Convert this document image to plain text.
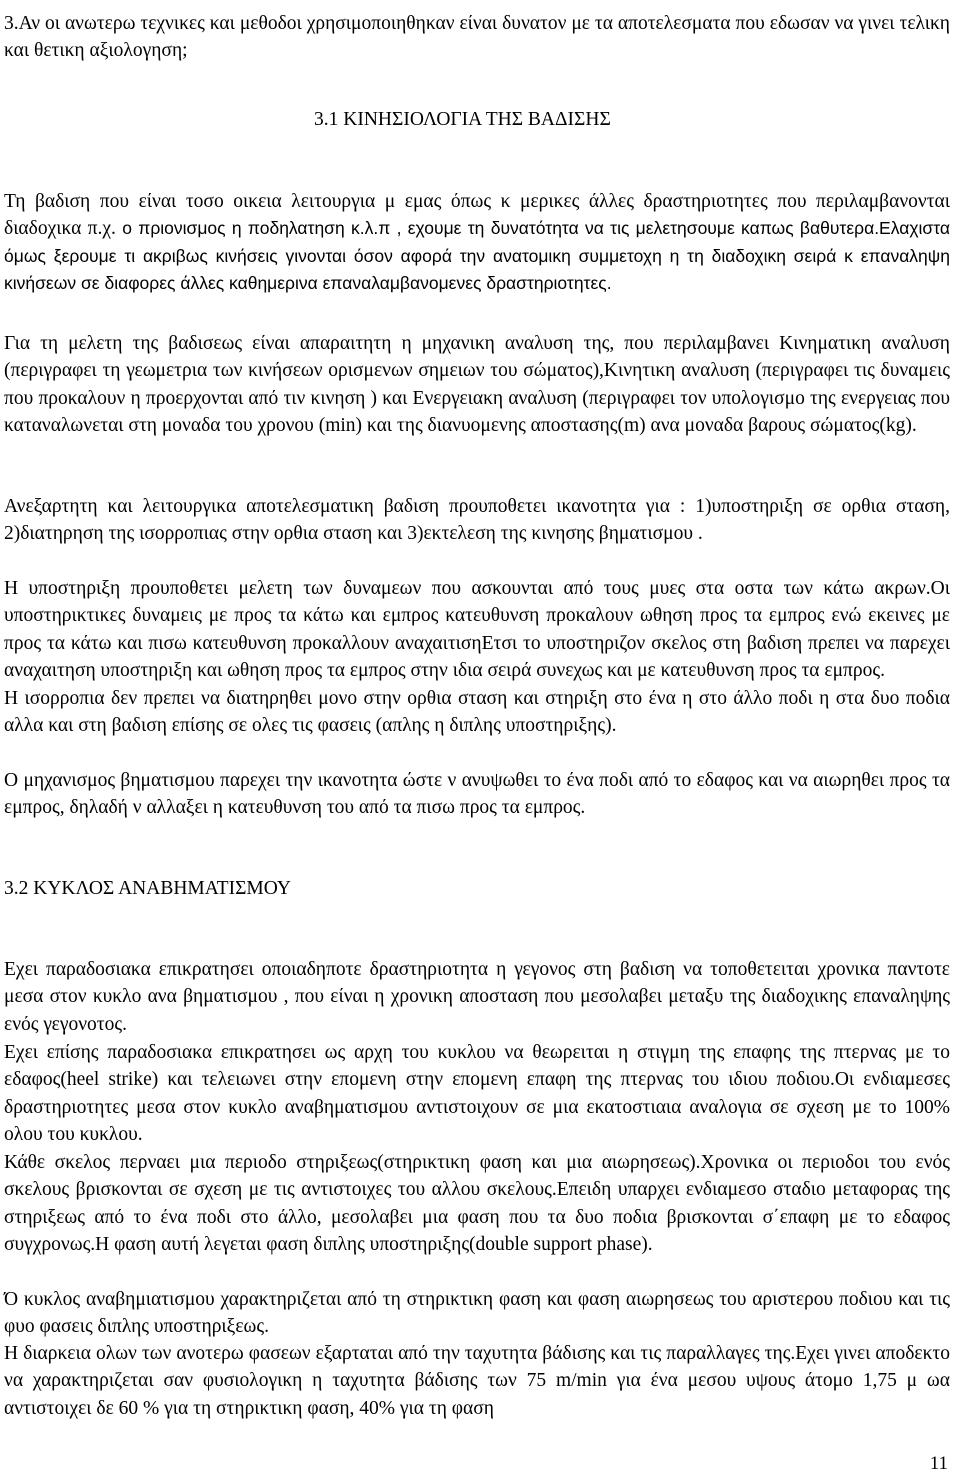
3.Αν οι ανωτερω τεχνικες και μεθοδοι χρησιμοποιηθηκαν είναι δυνατον με τα αποτελεσματα που εδωσαν να γινει τελικη και θετικη αξιολογηση;

3.1 ΚΙΝΗΣΙΟΛΟΓΙΑ ΤΗΣ ΒΑΔΙΣΗΣ

Τη βαδιση που είναι τοσο οικεια λειτουργια μ εμας όπως κ μερικες άλλες δραστηριοτητες που περιλαμβανονται διαδοχικα π.χ. ο πριονισμος η ποδηλατηση κ.λ.π , εχουμε τη δυνατότητα να τις μελετησουμε καπως βαθυτερα.Ελαχιστα όμως ξερουμε τι ακριβως κινήσεις γινονται όσον αφορά την ανατομικη συμμετοχη η τη διαδοχικη σειρά κ επαναληψη κινήσεων σε διαφορες άλλες καθημερινα επαναλαμβανομενες δραστηριοτητες.

Για τη μελετη της βαδισεως είναι απαραιτητη η μηχανικη αναλυση της, που περιλαμβανει Κινηματικη αναλυση (περιγραφει τη γεωμετρια των κινήσεων ορισμενων σημειων του σώματος),Κινητικη αναλυση (περιγραφει τις δυναμεις που προκαλουν η προερχονται από τιν κινηση ) και Ενεργειακη αναλυση (περιγραφει τον υπολογισμο της ενεργειας που καταναλωνεται στη μοναδα του χρονου (min) και της διανυομενης αποστασης(m) ανα μοναδα βαρους σώματος(kg).

Ανεξαρτητη και λειτουργικα αποτελεσματικη βαδιση προυποθετει ικανοτητα για : 1)υποστηριξη σε ορθια σταση, 2)διατηρηση της ισορροπιας στην ορθια σταση και 3)εκτελεση της κινησης βηματισμου .

Η υποστηριξη προυποθετει μελετη των δυναμεων που ασκουνται από τους μυες στα οστα των κάτω ακρων.Οι υποστηρικτικες δυναμεις με προς τα κάτω και εμπρος κατευθυνση προκαλουν ωθηση προς τα εμπρος ενώ εκεινες με προς τα κάτω και πισω κατευθυνση προκαλλουν αναχαιτισηΕτσι το υποστηριζον σκελος στη βαδιση πρεπει να παρεχει αναχαιτηση υποστηριξη και ωθηση προς τα εμπρος στην ιδια σειρά συνεχως και με κατευθυνση προς τα εμπρος.

Η ισορροπια δεν πρεπει να διατηρηθει μονο στην ορθια σταση και στηριξη στο ένα η στο άλλο ποδι η στα δυο ποδια αλλα και στη βαδιση επίσης σε ολες τις φασεις (απλης η διπλης υποστηριξης).

Ο μηχανισμος βηματισμου παρεχει την ικανοτητα ώστε ν ανυψωθει το ένα ποδι από το εδαφος και να αιωρηθει προς τα εμπρος, δηλαδή ν αλλαξει η κατευθυνση του από τα πισω προς τα εμπρος.

3.2 ΚΥΚΛΟΣ ΑΝΑΒΗΜΑΤΙΣΜΟΥ

Εχει παραδοσιακα επικρατησει οποιαδηποτε δραστηριοτητα η γεγονος στη βαδιση να τοποθετειται χρονικα παντοτε μεσα στον κυκλο ανα βηματισμου , που είναι η χρονικη αποσταση που μεσολαβει μεταξυ της διαδοχικης επαναληψης ενός γεγονοτος.

Εχει επίσης παραδοσιακα επικρατησει ως αρχη του κυκλου να θεωρειται η στιγμη της επαφης της πτερνας με το εδαφος(heel strike) και τελειωνει στην επομενη στην επομενη επαφη της πτερνας του ιδιου ποδιου.Οι ενδιαμεσες δραστηριοτητες μεσα στον κυκλο αναβηματισμου αντιστοιχουν σε μια εκατοστιαια αναλογια σε σχεση με το 100% ολου του κυκλου.

Κάθε σκελος περναει μια περιοδο στηριξεως(στηρικτικη φαση και μια αιωρησεως).Χρονικα οι περιοδοι του ενός σκελους βρισκονται σε σχεση με τις αντιστοιχες του αλλου σκελους.Επειδη υπαρχει ενδιαμεσο σταδιο μεταφορας της στηριξεως από το ένα ποδι στο άλλο, μεσολαβει μια φαση που τα δυο ποδια βρισκονται σ΄επαφη με το εδαφος συγχρονως.Η φαση αυτή λεγεται φαση διπλης υποστηριξης(double support phase).

Ό κυκλος αναβημιατισμου χαρακτηριζεται από τη στηρικτικη φαση και φαση αιωρησεως του αριστερου ποδιου και τις φυο φασεις διπλης υποστηριξεως.

Η διαρκεια ολων των ανοτερω φασεων εξαρταται από την ταχυτητα βάδισης και τις παραλλαγες της.Εχει γινει αποδεκτο να χαρακτηριζεται σαν φυσιολογικη η ταχυτητα βάδισης των 75 m/min για ένα μεσου υψους άτομο 1,75 μ ωα αντιστοιχει δε 60 % για τη στηρικτικη φαση, 40% για τη φαση

11
